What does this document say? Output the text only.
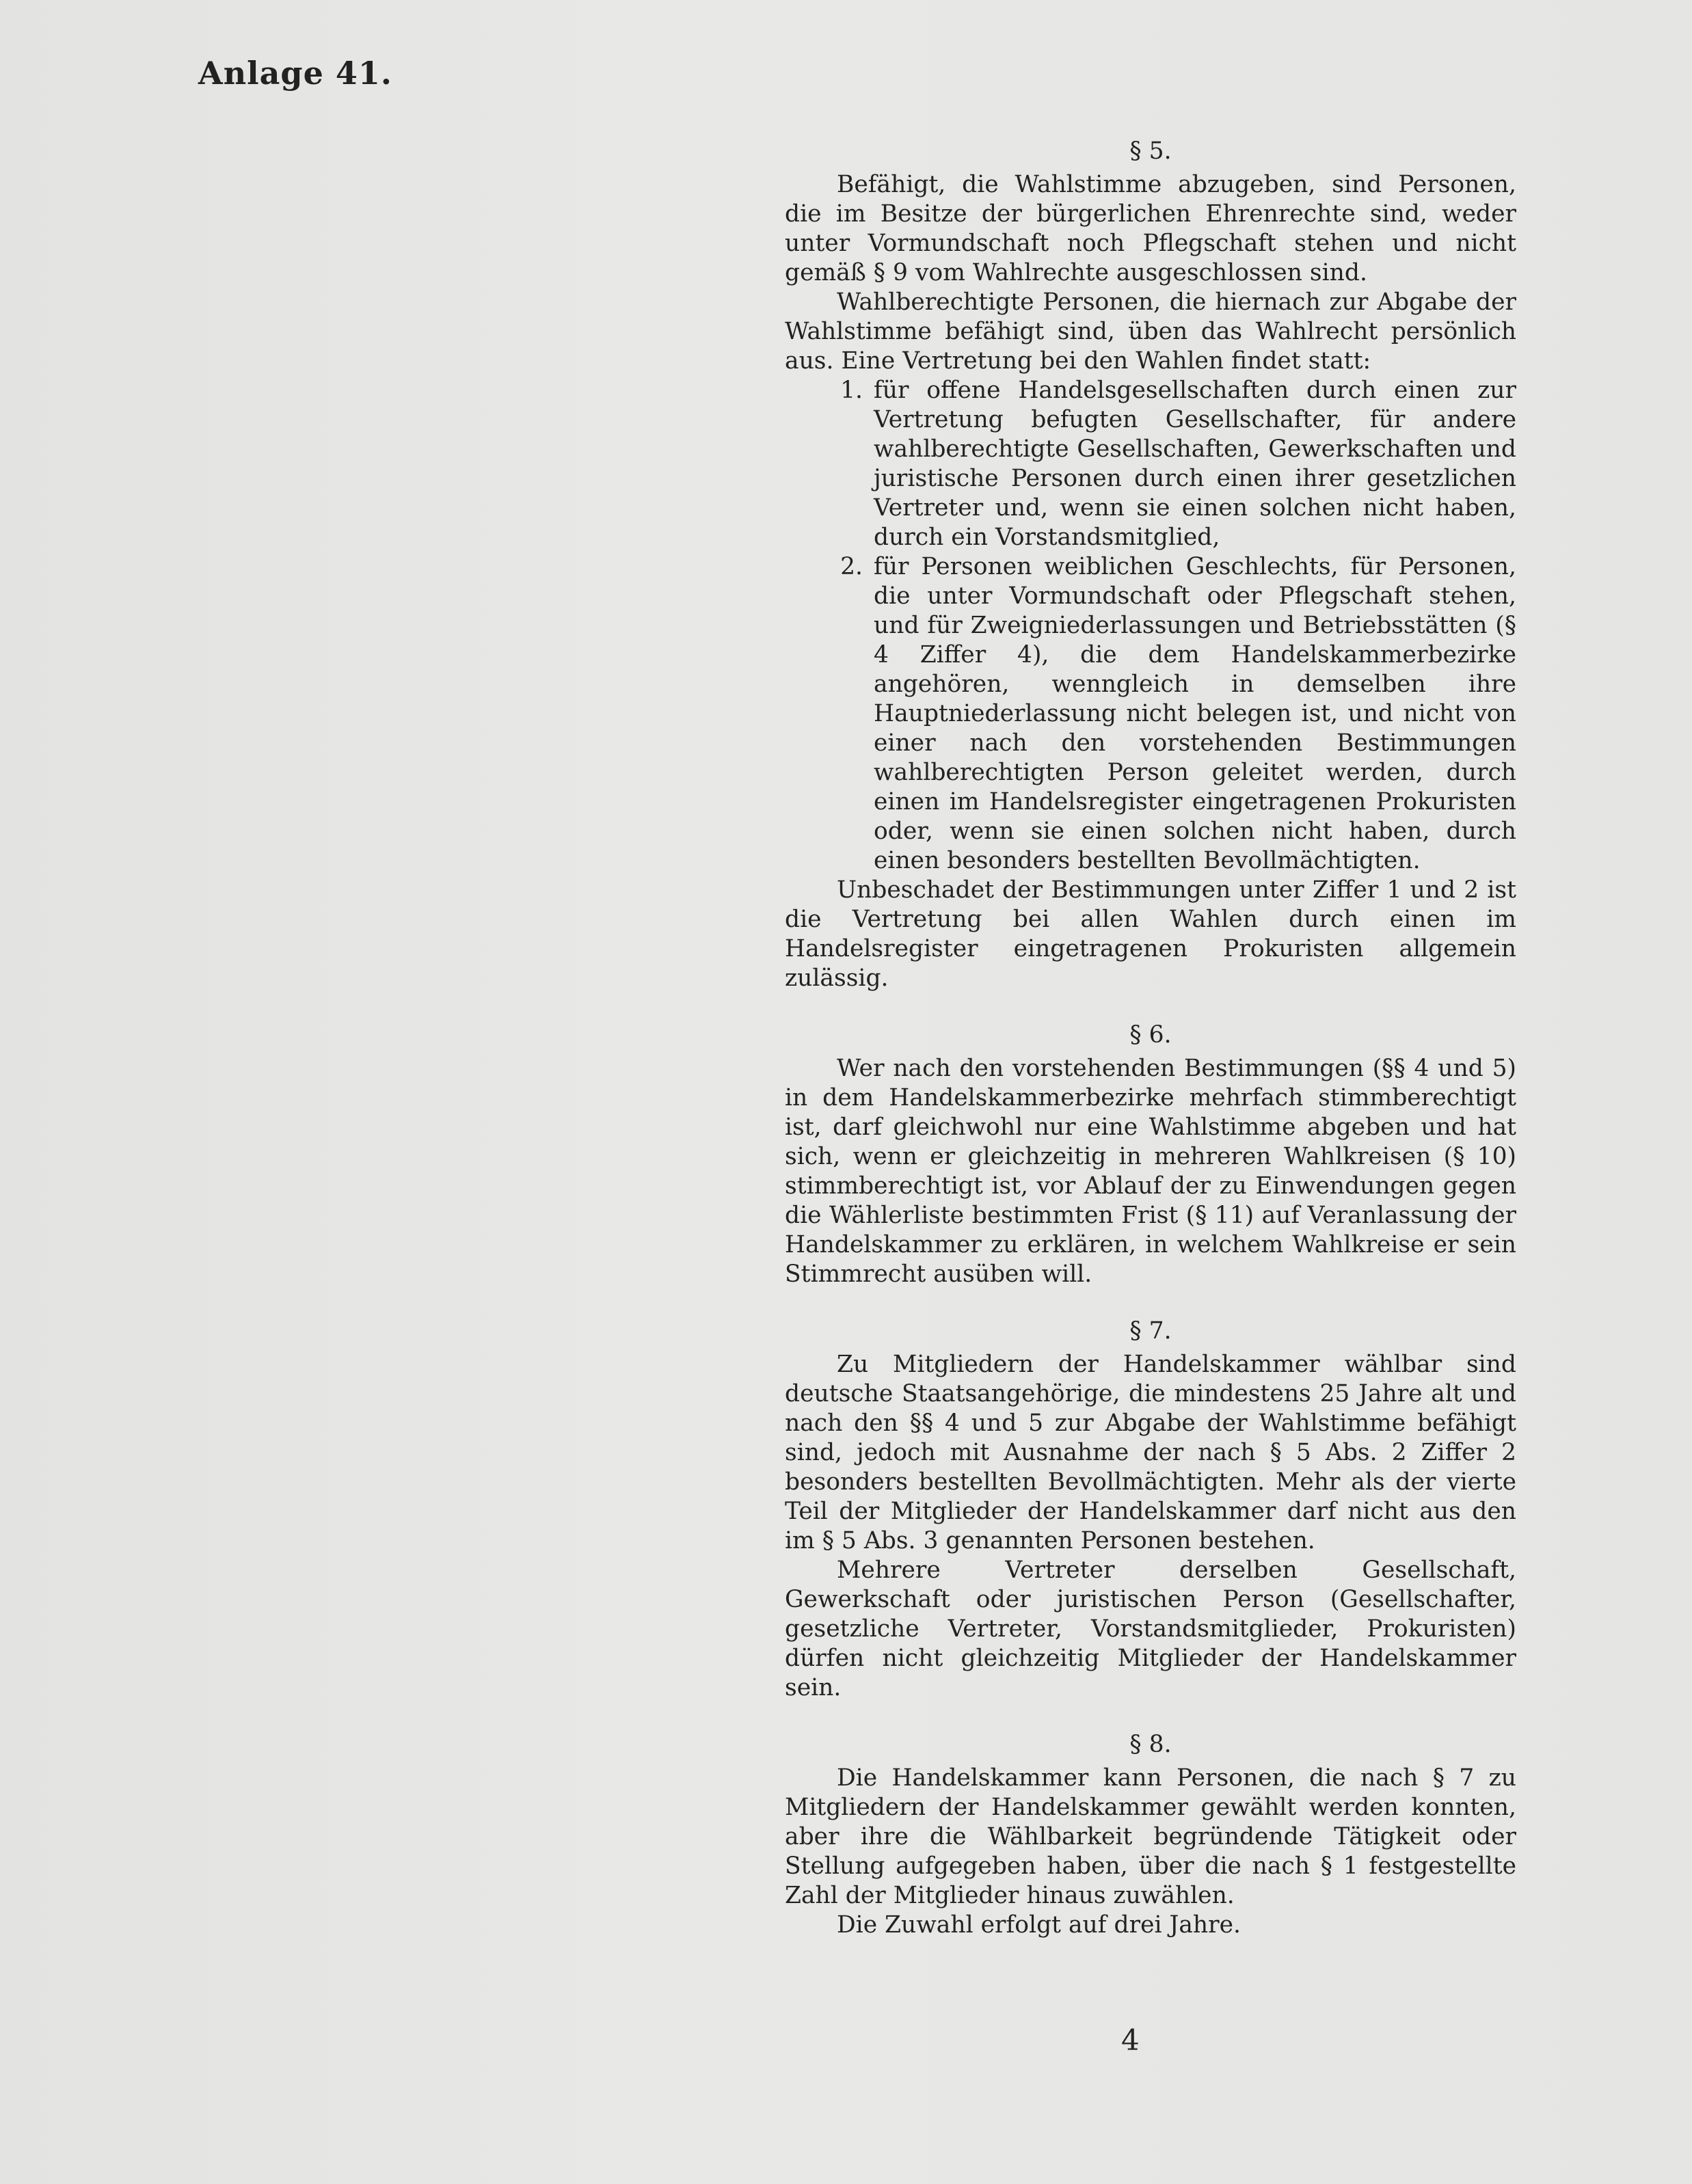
Anlage 41.
§ 5.

Befähigt, die Wahlstimme abzugeben, sind Personen, die im Besitze der bürgerlichen Ehrenrechte sind, weder unter Vormundschaft noch Pflegschaft stehen und nicht gemäß § 9 vom Wahlrechte ausgeschlossen sind.

Wahlberechtigte Personen, die hiernach zur Abgabe der Wahlstimme befähigt sind, üben das Wahlrecht persönlich aus. Eine Vertretung bei den Wahlen findet statt:

1. für offene Handelsgesellschaften durch einen zur Vertretung befugten Gesellschafter, für andere wahlberechtigte Gesellschaften, Gewerkschaften und juristische Personen durch einen ihrer gesetzlichen Vertreter und, wenn sie einen solchen nicht haben, durch ein Vorstandsmitglied,
2. für Personen weiblichen Geschlechts, für Personen, die unter Vormundschaft oder Pflegschaft stehen, und für Zweigniederlassungen und Betriebsstätten (§ 4 Ziffer 4), die dem Handelskammerbezirke angehören, wenngleich in demselben ihre Hauptniederlassung nicht belegen ist, und nicht von einer nach den vorstehenden Bestimmungen wahlberechtigten Person geleitet werden, durch einen im Handelsregister eingetragenen Prokuristen oder, wenn sie einen solchen nicht haben, durch einen besonders bestellten Bevollmächtigten.

Unbeschadet der Bestimmungen unter Ziffer 1 und 2 ist die Vertretung bei allen Wahlen durch einen im Handelsregister eingetragenen Prokuristen allgemein zulässig.

§ 6.

Wer nach den vorstehenden Bestimmungen (§§ 4 und 5) in dem Handelskammerbezirke mehrfach stimmberechtigt ist, darf gleichwohl nur eine Wahlstimme abgeben und hat sich, wenn er gleichzeitig in mehreren Wahlkreisen (§ 10) stimmberechtigt ist, vor Ablauf der zu Einwendungen gegen die Wählerliste bestimmten Frist (§ 11) auf Veranlassung der Handelskammer zu erklären, in welchem Wahlkreise er sein Stimmrecht ausüben will.

§ 7.

Zu Mitgliedern der Handelskammer wählbar sind deutsche Staatsangehörige, die mindestens 25 Jahre alt und nach den §§ 4 und 5 zur Abgabe der Wahlstimme befähigt sind, jedoch mit Ausnahme der nach § 5 Abs. 2 Ziffer 2 besonders bestellten Bevollmächtigten. Mehr als der vierte Teil der Mitglieder der Handelskammer darf nicht aus den im § 5 Abs. 3 genannten Personen bestehen.

Mehrere Vertreter derselben Gesellschaft, Gewerkschaft oder juristischen Person (Gesellschafter, gesetzliche Vertreter, Vorstandsmitglieder, Prokuristen) dürfen nicht gleichzeitig Mitglieder der Handelskammer sein.

§ 8.

Die Handelskammer kann Personen, die nach § 7 zu Mitgliedern der Handelskammer gewählt werden konnten, aber ihre die Wählbarkeit begründende Tätigkeit oder Stellung aufgegeben haben, über die nach § 1 festgestellte Zahl der Mitglieder hinaus zuwählen.

Die Zuwahl erfolgt auf drei Jahre.

4
